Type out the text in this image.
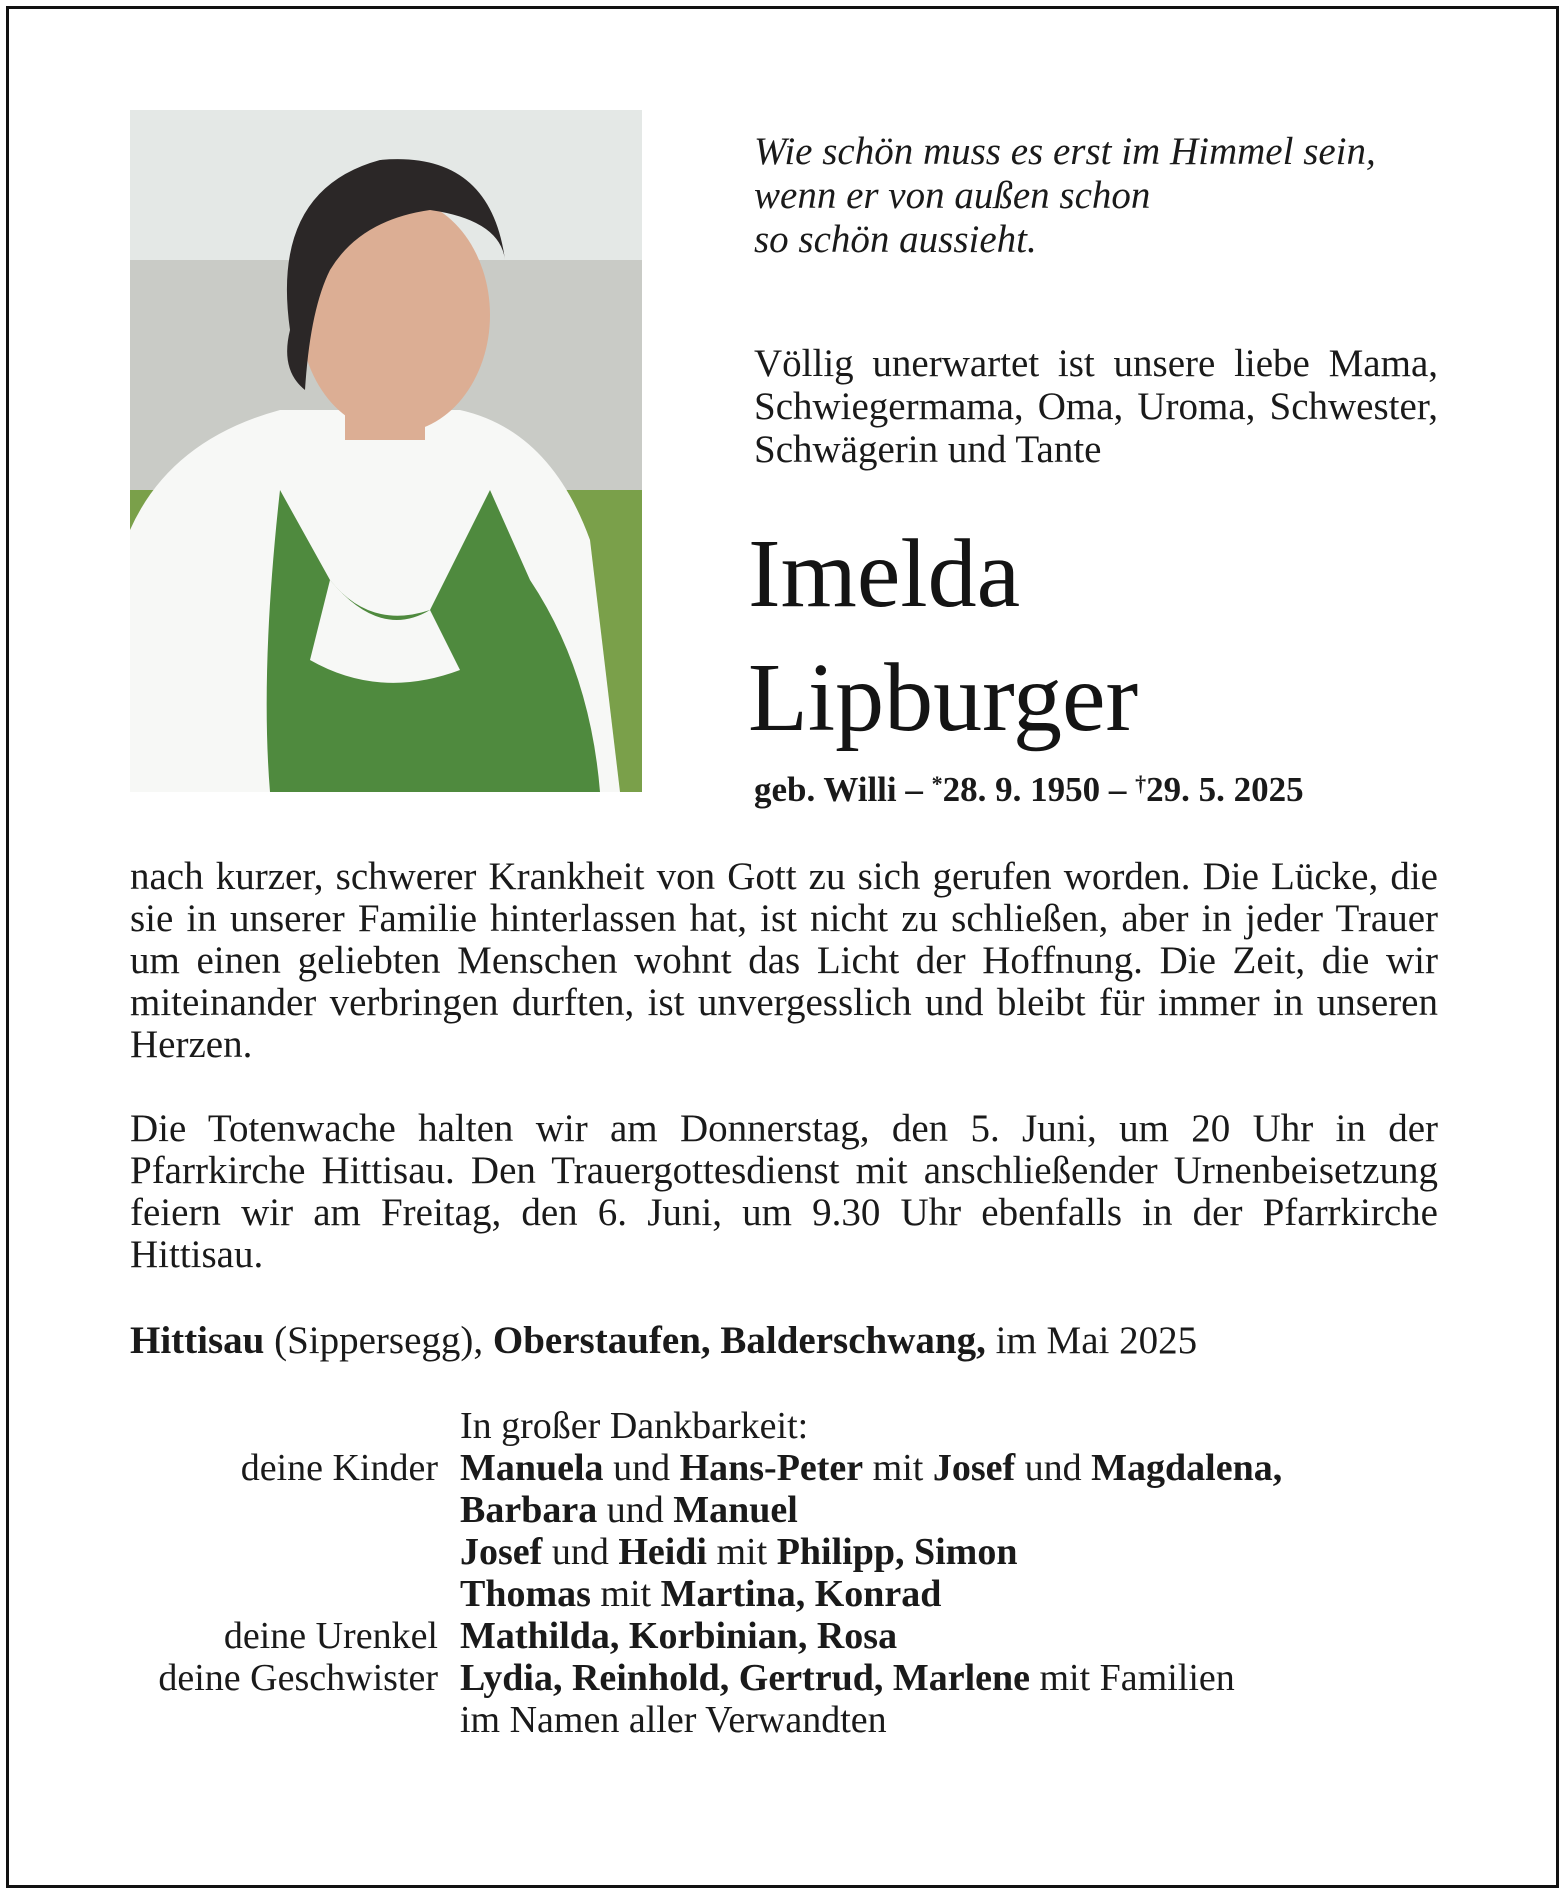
Wie schön muss es erst im Himmel sein,
wenn er von außen schon
so schön aussieht.
Völlig unerwartet ist unsere liebe Mama, Schwiegermama, Oma, Uroma, Schwester, Schwägerin und Tante
Imelda
Lipburger
geb. Willi – *28. 9. 1950 – †29. 5. 2025
nach kurzer, schwerer Krankheit von Gott zu sich gerufen worden. Die Lücke, die sie in unserer Familie hinterlassen hat, ist nicht zu schließen, aber in jeder Trauer um einen geliebten Menschen wohnt das Licht der Hoffnung. Die Zeit, die wir miteinander verbringen durften, ist unvergesslich und bleibt für immer in unseren Herzen.
Die Totenwache halten wir am Donnerstag, den 5. Juni, um 20 Uhr in der Pfarrkirche Hittisau. Den Trauergottesdienst mit anschließender Urnenbeisetzung feiern wir am Freitag, den 6. Juni, um 9.30 Uhr ebenfalls in der Pfarrkirche Hittisau.
Hittisau (Sippersegg), Oberstaufen, Balderschwang, im Mai 2025
In großer Dankbarkeit:
deine Kinder Manuela und Hans-Peter mit Josef und Magdalena,
Barbara und Manuel
Josef und Heidi mit Philipp, Simon
Thomas mit Martina, Konrad
deine Urenkel Mathilda, Korbinian, Rosa
deine Geschwister Lydia, Reinhold, Gertrud, Marlene mit Familien
im Namen aller Verwandten
